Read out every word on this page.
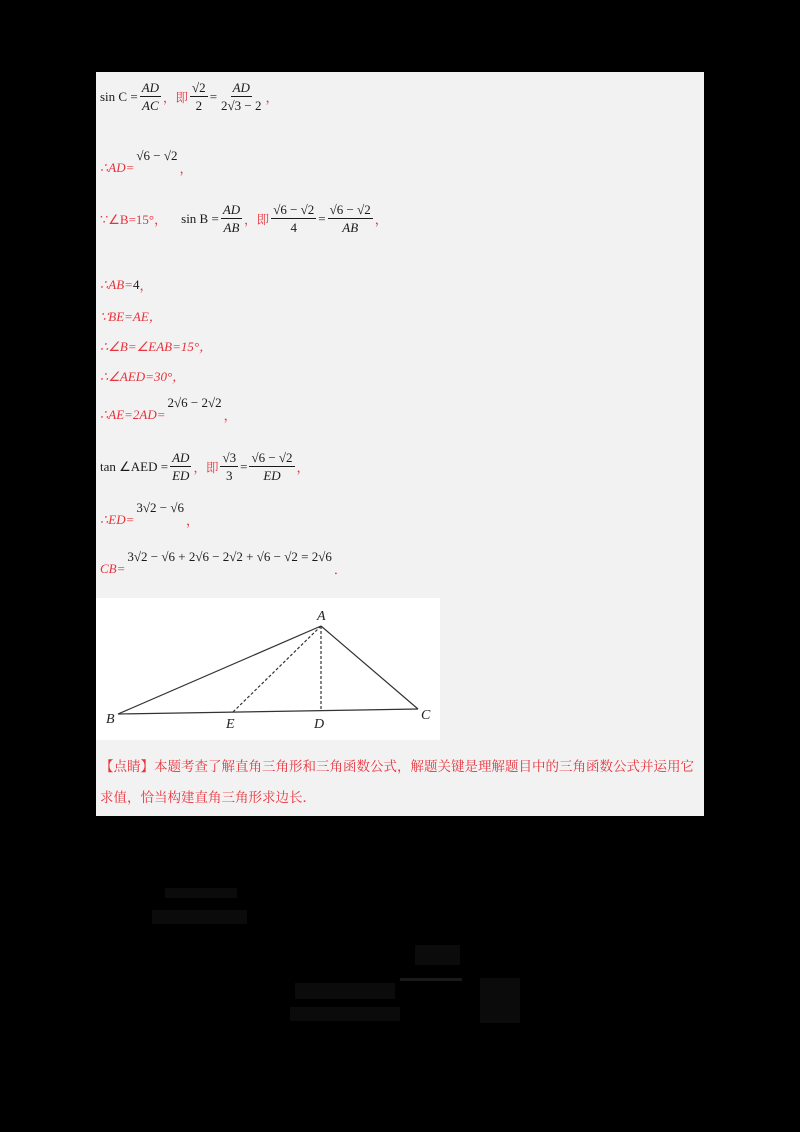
$\sin C = \frac{AD}{AC}$ ，即 $\frac{√2}{2} = \frac{AD}{2√3 - 2}$ ，
∴AD=
√6 − √2
，
∵∠B=15°， $\sin B = \frac{AD}{AB}$ ，即 $\frac{√6 - √2}{4} = \frac{√6 - √2}{AB}$ ，
∴AB= 4 ，
∵BE=AE，
∴∠B=∠EAB=15°，
∴∠AED=30°，
∴AE=2AD=
2√6 − 2√2
，
tan ∠AED = $\frac{AD}{ED}$ ，即 $\frac{√3}{3} = \frac{√6 - √2}{ED}$ ，
∴ED=
3√2 − √6
，
CB=
3√2 − √6 + 2√6 − 2√2 + √6 − √2 = 2√6
．
A
B	C
D
E
【点睛】本题考查了解直角三角形和三角函数公式，解题关键是理解题目中的三角函数公式并运用它求值，恰当构建直角三角形求边长．
